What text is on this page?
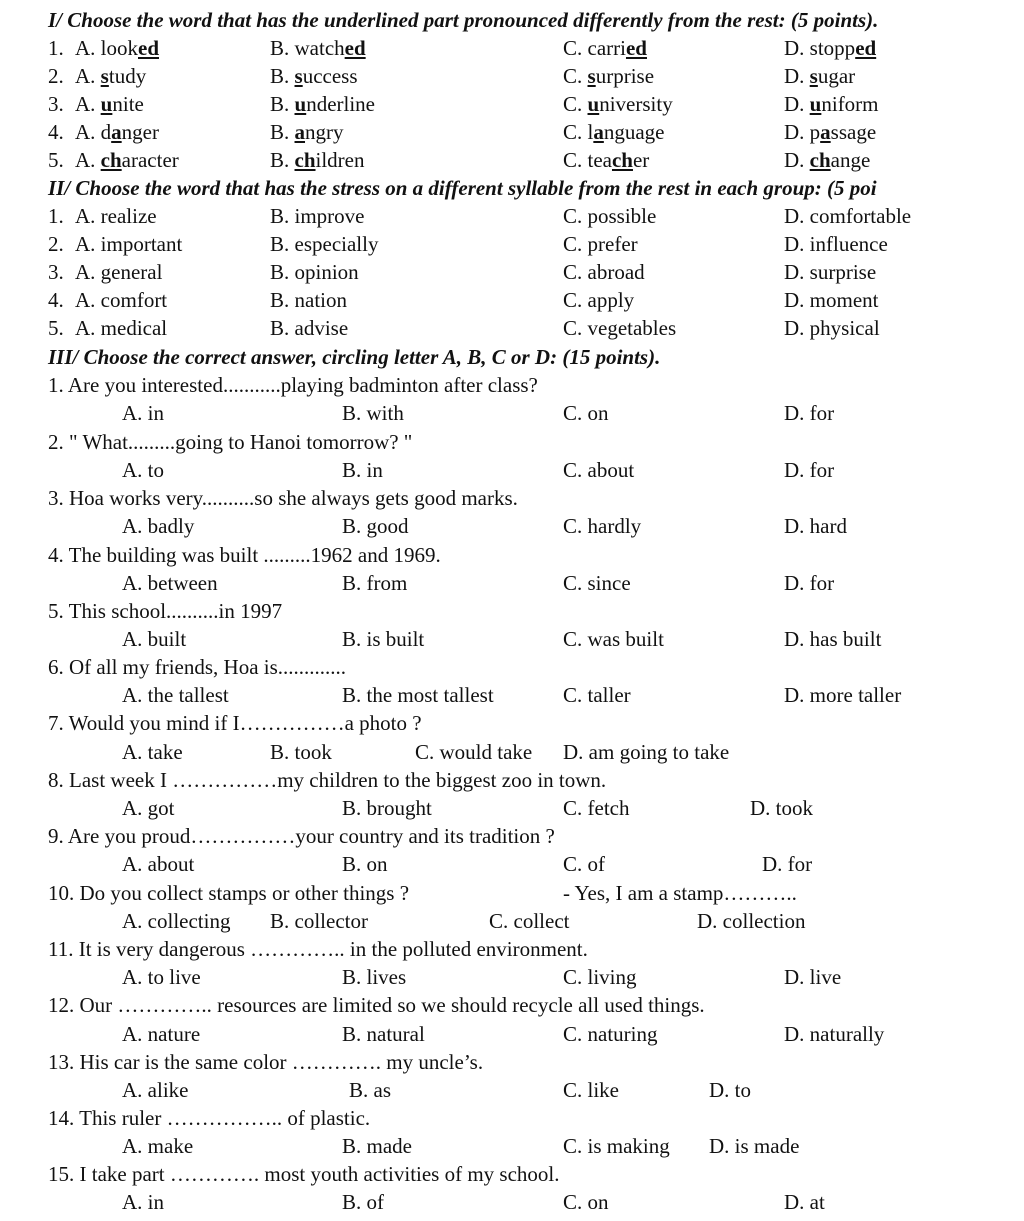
I/ Choose the word that has the underlined part pronounced differently from the rest: (5 points).
1. A. looked	B. watched	C. carried	D. stopped
2. A. study	B. success	C. surprise	D. sugar
3. A. unite	B. underline	C. university	D. uniform
4. A. danger	B. angry	C. language	D. passage
5. A. character	B. children	C. teacher	D. change
II/ Choose the word that has the stress on a different syllable from the rest in each group: (5 poi
1. A. realize	B. improve	C. possible	D. comfortable
2. A. important	B. especially	C. prefer	D. influence
3. A. general	B. opinion	C. abroad	D. surprise
4. A. comfort	B. nation	C. apply	D. moment
5. A. medical	B. advise	C. vegetables	D. physical
III/ Choose the correct answer, circling letter A, B, C or D: (15 points).
1. Are you interested...........playing badminton after class?
A. in	B. with	C. on	D. for
2. " What.........going to Hanoi tomorrow? "
A. to	B. in	C. about	D. for
3. Hoa works very..........so she always gets good marks.
A. badly	B. good	C. hardly	D. hard
4. The building was built .........1962 and 1969.
A. between	B. from	C. since	D. for
5. This school..........in 1997
A. built	B. is built	C. was built	D. has built
6. Of all my friends, Hoa is.............
A. the tallest	B. the most tallest	C. taller	D. more taller
7. Would you mind if I……………a photo ?
A. take	B. took	C. would take D. am going to take
8. Last week I ……………my children to the biggest zoo in town.
A. got	B. brought	C. fetch	D. took
9. Are you proud……………your country and its tradition ?
A. about	B. on	C. of	D. for
10. Do you collect stamps or other things ?	- Yes, I am a stamp………..
A. collecting B. collector	C. collect	D. collection
11. It is very dangerous ………….. in the polluted environment.
A. to live	B. lives	C. living	D. live
12. Our ………….. resources are limited so we should recycle all used things.
A. nature	B. natural	C. naturing	D. naturally
13. His car is the same color …………. my uncle’s.
A. alike	B. as	C. like	D. to
14. This ruler …………….. of plastic.
A. make	B. made	C. is making D. is made
15. I take part …………. most youth activities of my school.
A. in	B. of	C. on	D. at
